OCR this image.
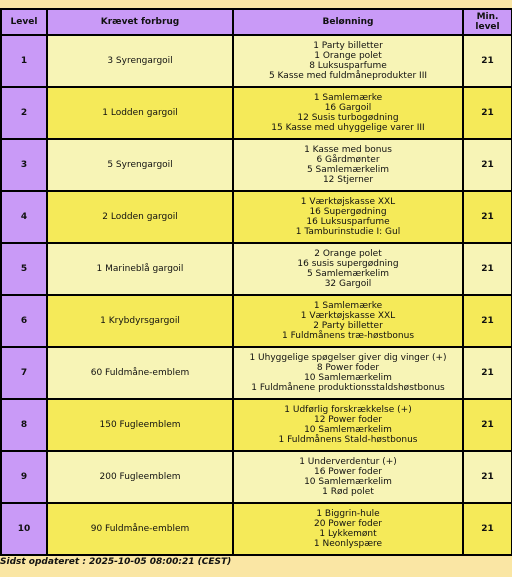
Level	Krævet forbrug	Belønning	Min. level
1	3 Syrengargoil	1 Party billetter
1 Orange polet
8 Luksusparfume
5 Kasse med fuldmåneprodukter III	21
2	1 Lodden gargoil	1 Samlemærke
16 Gargoil
12 Susis turbogødning
15 Kasse med uhyggelige varer III	21
3	5 Syrengargoil	1 Kasse med bonus
6 Gårdmønter
5 Samlemærkelim
12 Stjerner	21
4	2 Lodden gargoil	1 Værktøjskasse XXL
16 Supergødning
16 Luksusparfume
1 Tamburinstudie I: Gul	21
5	1 Marineblå gargoil	2 Orange polet
16 susis supergødning
5 Samlemærkelim
32 Gargoil	21
6	1 Krybdyrsgargoil	1 Samlemærke
1 Værktøjskasse XXL
2 Party billetter
1 Fuldmånens træ-høstbonus	21
7	60 Fuldmåne-emblem	1 Uhyggelige spøgelser giver dig vinger (+)
8 Power foder
10 Samlemærkelim
1 Fuldmånene produktionsstaldshøstbonus	21
8	150 Fugleemblem	1 Udførlig forskrækkelse (+)
12 Power foder
10 Samlemærkelim
1 Fuldmånens Stald-høstbonus	21
9	200 Fugleemblem	1 Underverdentur (+)
16 Power foder
10 Samlemærkelim
1 Rød polet	21
10	90 Fuldmåne-emblem	1 Biggrin-hule
20 Power foder
1 Lykkemønt
1 Neonlyspære	21
Sidst opdateret : 2025-10-05 08:00:21 (CEST)
